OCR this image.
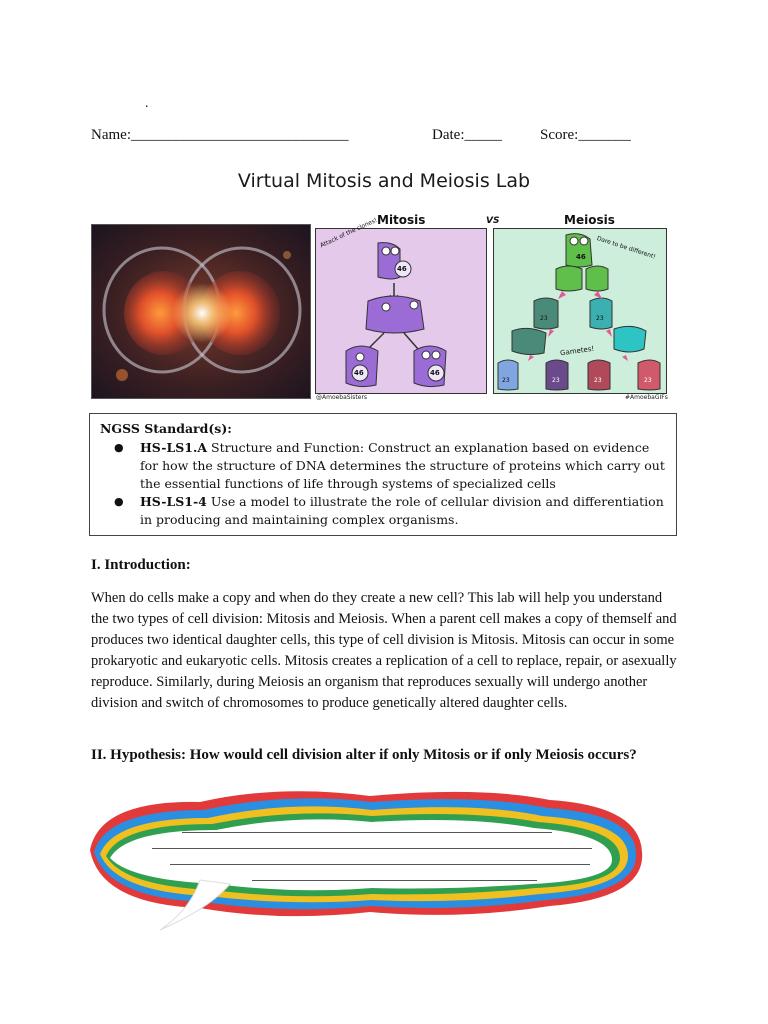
.
Name:_____________________________	Date:_____	Score:_______
Virtual Mitosis and Meiosis Lab
Mitosis	VS	Meiosis
Attack of the clones!
46
46	46
@AmoebaSisters
Dare to be different!
46
Gametes!
23	23
23	23	23	23
#AmoebaGIFs
NGSS Standard(s):
● HS-LS1.A Structure and Function: Construct an explanation based on evidence for how the structure of DNA determines the structure of proteins which carry out the essential functions of life through systems of specialized cells
● HS-LS1-4 Use a model to illustrate the role of cellular division and differentiation in producing and maintaining complex organisms.
I. Introduction:
When do cells make a copy and when do they create a new cell? This lab will help you understand the two types of cell division: Mitosis and Meiosis. When a parent cell makes a copy of themself and produces two identical daughter cells, this type of cell division is Mitosis. Mitosis can occur in some prokaryotic and eukaryotic cells. Mitosis creates a replication of a cell to replace, repair, or asexually reproduce. Similarly, during Meiosis an organism that reproduces sexually will undergo another division and switch of chromosomes to produce genetically altered daughter cells.
II. Hypothesis: How would cell division alter if only Mitosis or if only Meiosis occurs?
